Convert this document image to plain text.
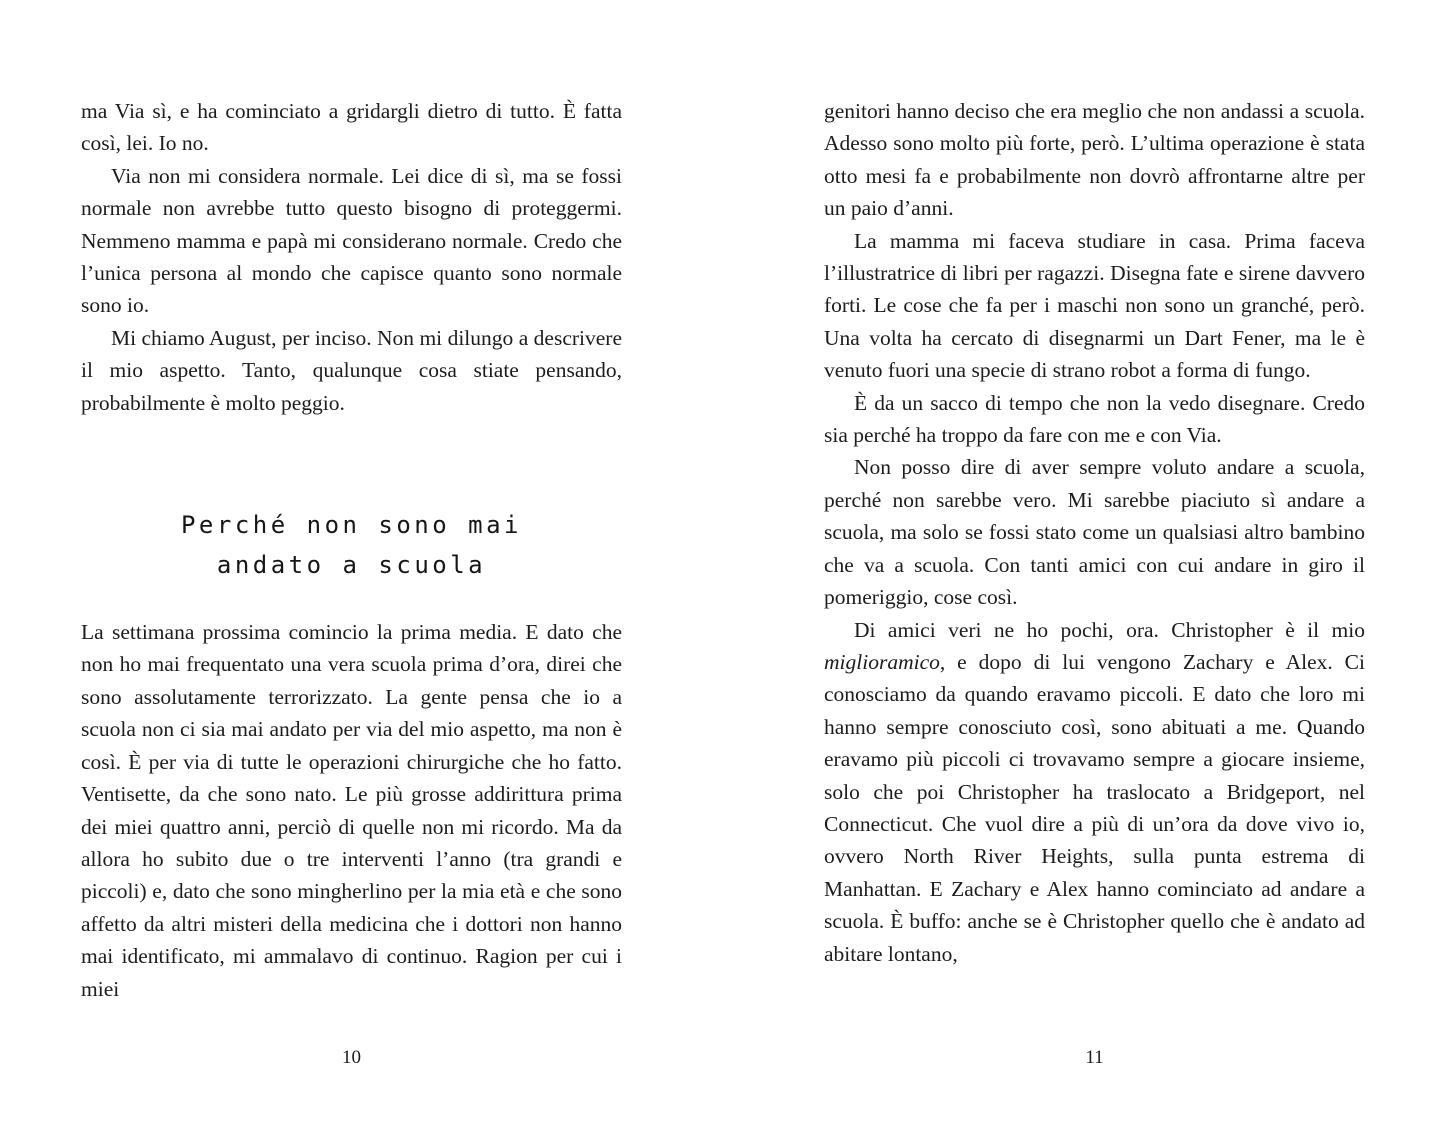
ma Via sì, e ha cominciato a gridargli dietro di tutto. È fatta così, lei. Io no.

Via non mi considera normale. Lei dice di sì, ma se fossi normale non avrebbe tutto questo bisogno di proteggermi. Nemmeno mamma e papà mi considerano normale. Credo che l’unica persona al mondo che capisce quanto sono normale sono io.

Mi chiamo August, per inciso. Non mi dilungo a descrivere il mio aspetto. Tanto, qualunque cosa stiate pensando, probabilmente è molto peggio.

Perché non sono mai
andato a scuola

La settimana prossima comincio la prima media. E dato che non ho mai frequentato una vera scuola prima d’ora, direi che sono assolutamente terrorizzato. La gente pensa che io a scuola non ci sia mai andato per via del mio aspetto, ma non è così. È per via di tutte le operazioni chirurgiche che ho fatto. Ventisette, da che sono nato. Le più grosse addirittura prima dei miei quattro anni, perciò di quelle non mi ricordo. Ma da allora ho subito due o tre interventi l’anno (tra grandi e piccoli) e, dato che sono mingherlino per la mia età e che sono affetto da altri misteri della medicina che i dottori non hanno mai identificato, mi ammalavo di continuo. Ragion per cui i miei

genitori hanno deciso che era meglio che non andassi a scuola. Adesso sono molto più forte, però. L’ultima operazione è stata otto mesi fa e probabilmente non dovrò affrontarne altre per un paio d’anni.

La mamma mi faceva studiare in casa. Prima faceva l’illustratrice di libri per ragazzi. Disegna fate e sirene davvero forti. Le cose che fa per i maschi non sono un granché, però. Una volta ha cercato di disegnarmi un Dart Fener, ma le è venuto fuori una specie di strano robot a forma di fungo.

È da un sacco di tempo che non la vedo disegnare. Credo sia perché ha troppo da fare con me e con Via.

Non posso dire di aver sempre voluto andare a scuola, perché non sarebbe vero. Mi sarebbe piaciuto sì andare a scuola, ma solo se fossi stato come un qualsiasi altro bambino che va a scuola. Con tanti amici con cui andare in giro il pomeriggio, cose così.

Di amici veri ne ho pochi, ora. Christopher è il mio miglioramico, e dopo di lui vengono Zachary e Alex. Ci conosciamo da quando eravamo piccoli. E dato che loro mi hanno sempre conosciuto così, sono abituati a me. Quando eravamo più piccoli ci trovavamo sempre a giocare insieme, solo che poi Christopher ha traslocato a Bridgeport, nel Connecticut. Che vuol dire a più di un’ora da dove vivo io, ovvero North River Heights, sulla punta estrema di Manhattan. E Zachary e Alex hanno cominciato ad andare a scuola. È buffo: anche se è Christopher quello che è andato ad abitare lontano,

10	11
